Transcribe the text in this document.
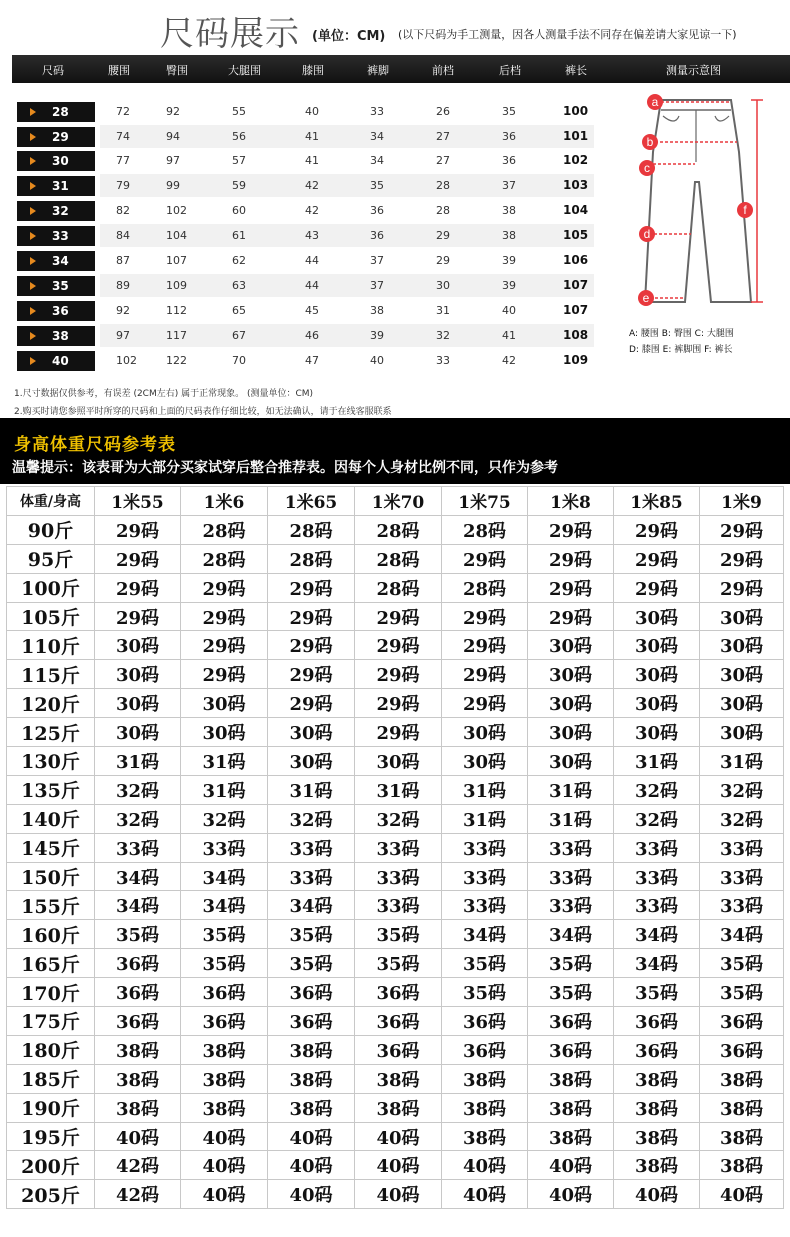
尺码展示 (单位：CM) (以下尺码为手工测量，因各人测量手法不同存在偏差请大家见谅一下)
尺码	腰围	臀围	大腿围	膝围	裤脚	前档	后档	裤长	测量示意图
28	72	92	55	40	33	26	35	100
29	74	94	56	41	34	27	36	101
30	77	97	57	41	34	27	36	102
31	79	99	59	42	35	28	37	103
32	82	102	60	42	36	28	38	104
33	84	104	61	43	36	29	38	105
34	87	107	62	44	37	29	39	106
35	89	109	63	44	37	30	39	107
36	92	112	65	45	38	31	40	107
38	97	117	67	46	39	32	41	108
40	102	122	70	47	40	33	42	109
a
b
c
d
e
f
A: 腰围 B: 臀围 C: 大腿围
D: 膝围 E: 裤脚围 F: 裤长
1.尺寸数据仅供参考，有误差 (2CM左右) 属于正常现象。 (测量单位：CM)
2.购买时请您参照平时所穿的尺码和上面的尺码表作仔细比较，如无法确认，请于在线客服联系
身高体重尺码参考表
温馨提示：该表哥为大部分买家试穿后整合推荐表。因每个人身材比例不同，只作为参考
体重/身高	1米55	1米6	1米65	1米70	1米75	1米8	1米85	1米9
90斤	29码	28码	28码	28码	28码	29码	29码	29码
95斤	29码	28码	28码	28码	29码	29码	29码	29码
100斤	29码	29码	29码	28码	28码	29码	29码	29码
105斤	29码	29码	29码	29码	29码	29码	30码	30码
110斤	30码	29码	29码	29码	29码	30码	30码	30码
115斤	30码	29码	29码	29码	29码	30码	30码	30码
120斤	30码	30码	29码	29码	29码	30码	30码	30码
125斤	30码	30码	30码	29码	30码	30码	30码	30码
130斤	31码	31码	30码	30码	30码	30码	31码	31码
135斤	32码	31码	31码	31码	31码	31码	32码	32码
140斤	32码	32码	32码	32码	31码	31码	32码	32码
145斤	33码	33码	33码	33码	33码	33码	33码	33码
150斤	34码	34码	33码	33码	33码	33码	33码	33码
155斤	34码	34码	34码	33码	33码	33码	33码	33码
160斤	35码	35码	35码	35码	34码	34码	34码	34码
165斤	36码	35码	35码	35码	35码	35码	34码	35码
170斤	36码	36码	36码	36码	35码	35码	35码	35码
175斤	36码	36码	36码	36码	36码	36码	36码	36码
180斤	38码	38码	38码	36码	36码	36码	36码	36码
185斤	38码	38码	38码	38码	38码	38码	38码	38码
190斤	38码	38码	38码	38码	38码	38码	38码	38码
195斤	40码	40码	40码	40码	38码	38码	38码	38码
200斤	42码	40码	40码	40码	40码	40码	38码	38码
205斤	42码	40码	40码	40码	40码	40码	40码	40码
